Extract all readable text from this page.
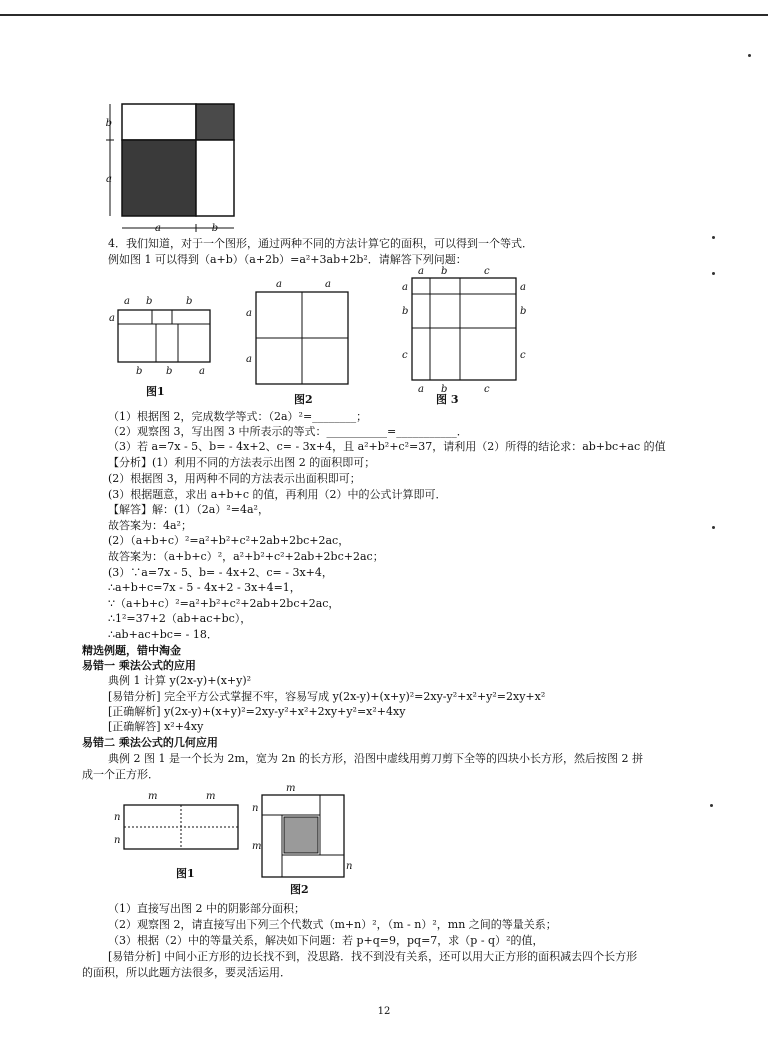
b
a
a	b
4．我们知道，对于一个图形，通过两种不同的方法计算它的面积，可以得到一个等式．
例如图 1 可以得到（a+b）（a+2b）=a²+3ab+2b²．请解答下列问题：
a b	b
a
b b	a
a	a
a
a
a b	c
a
b
c
a
b
c
a b	c
图1
图2	图 3
（1）根据图 2，完成数学等式：（2a）²=________；
（2）观察图 3，写出图 3 中所表示的等式：___________=___________．
（3）若 a=7x - 5、b= - 4x+2、c= - 3x+4，且 a²+b²+c²=37，请利用（2）所得的结论求：ab+bc+ac 的值
【分析】(1）利用不同的方法表示出图 2 的面积即可；
(2）根据图 3，用两种不同的方法表示出面积即可；
(3）根据题意，求出 a+b+c 的值，再利用（2）中的公式计算即可．
【解答】解：(1）（2a）²=4a²，
故答案为：4a²；
(2）（a+b+c）²=a²+b²+c²+2ab+2bc+2ac，
故答案为：（a+b+c）²，a²+b²+c²+2ab+2bc+2ac；
(3）∵a=7x - 5、b= - 4x+2、c= - 3x+4，
∴a+b+c=7x - 5 - 4x+2 - 3x+4=1，
∵（a+b+c）²=a²+b²+c²+2ab+2bc+2ac，
∴1²=37+2（ab+ac+bc），
∴ab+ac+bc= - 18．
精选例题，错中淘金
易错一 乘法公式的应用
典例 1 计算 y(2x-y)+(x+y)²
[易错分析] 完全平方公式掌握不牢，容易写成 y(2x-y)+(x+y)²=2xy-y²+x²+y²=2xy+x²
[正确解析] y(2x-y)+(x+y)²=2xy-y²+x²+2xy+y²=x²+4xy
[正确解答] x²+4xy
易错二 乘法公式的几何应用
典例 2 图 1 是一个长为 2m，宽为 2n 的长方形，沿图中虚线用剪刀剪下全等的四块小长方形，然后按图 2 拼
成一个正方形．
m	m
n
n
m
n
m
n
图1
图2
（1）直接写出图 2 中的阴影部分面积；
（2）观察图 2，请直接写出下列三个代数式（m+n）²，（m - n）²，mn 之间的等量关系；
（3）根据（2）中的等量关系，解决如下问题：若 p+q=9，pq=7，求（p - q）²的值，
[易错分析] 中间小正方形的边长找不到，没思路．找不到没有关系，还可以用大正方形的面积减去四个长方形
的面积，所以此题方法很多，要灵活运用．
12
